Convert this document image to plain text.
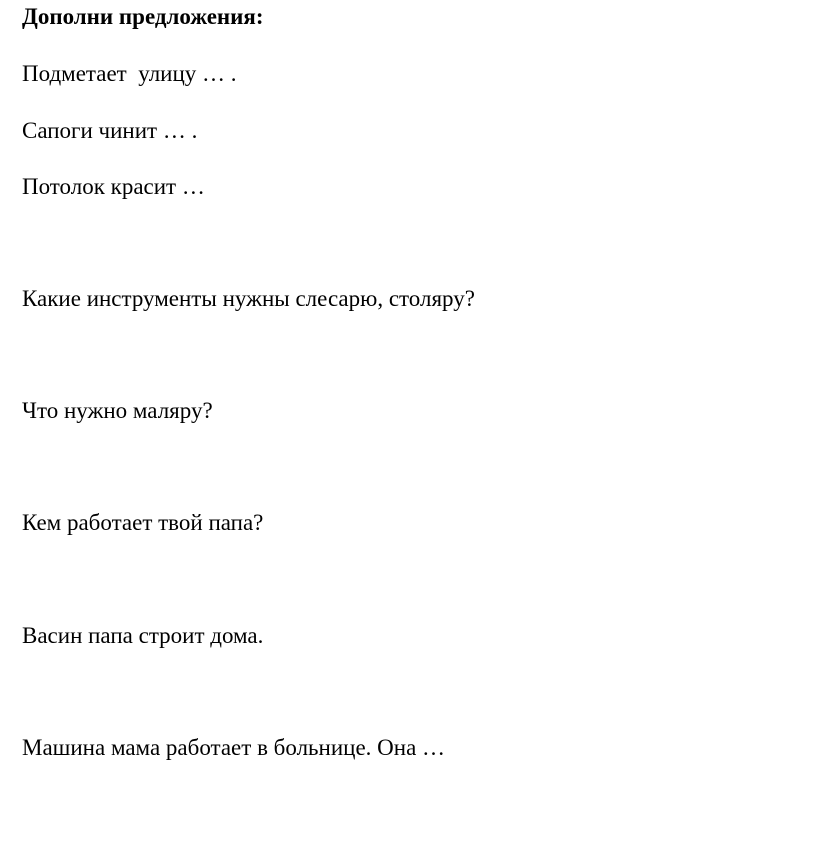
Дополни предложения:
Подметает  улицу … .
Сапоги чинит … .
Потолок красит …
Какие инструменты нужны слесарю, столяру?
Что нужно маляру?
Кем работает твой папа?
Васин папа строит дома.
Машина мама работает в больнице. Она …
